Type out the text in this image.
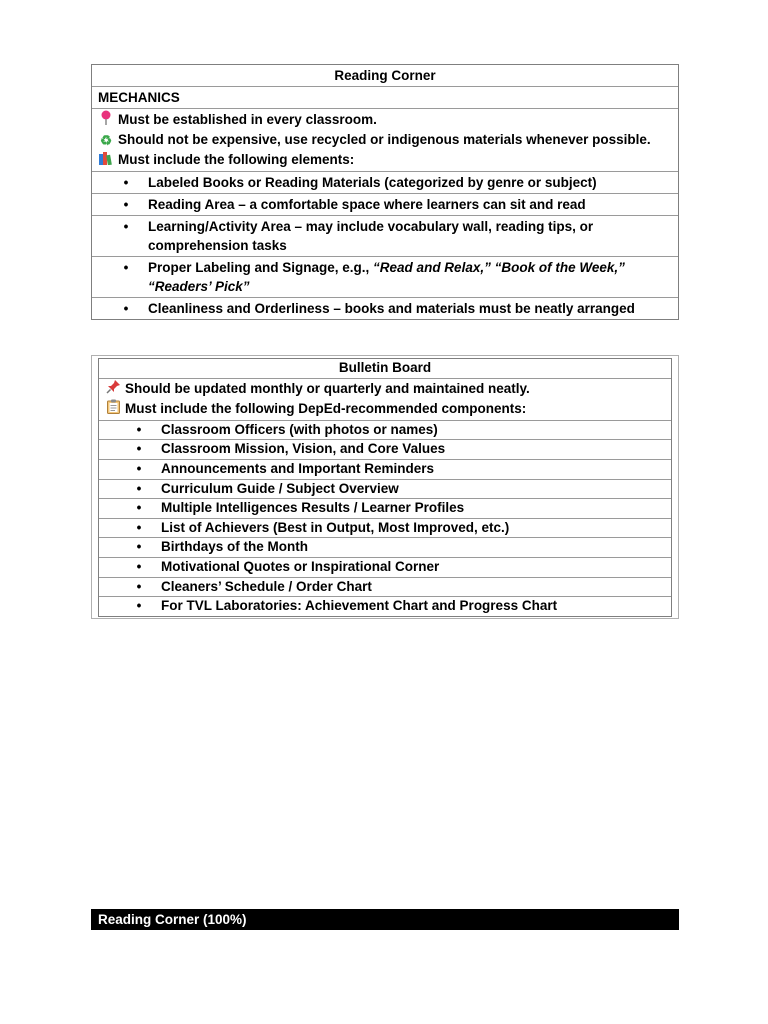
Reading Corner
MECHANICS
Must be established in every classroom.
♻ Should not be expensive, use recycled or indigenous materials whenever possible.
Must include the following elements:
•	Labeled Books or Reading Materials (categorized by genre or subject)
•	Reading Area – a comfortable space where learners can sit and read
•	Learning/Activity Area – may include vocabulary wall, reading tips, or comprehension tasks
•	Proper Labeling and Signage, e.g., “Read and Relax,” “Book of the Week,” “Readers’ Pick”
•	Cleanliness and Orderliness – books and materials must be neatly arranged
Bulletin Board
Should be updated monthly or quarterly and maintained neatly.
Must include the following DepEd-recommended components:
•	Classroom Officers (with photos or names)
•	Classroom Mission, Vision, and Core Values
•	Announcements and Important Reminders
•	Curriculum Guide / Subject Overview
•	Multiple Intelligences Results / Learner Profiles
•	List of Achievers (Best in Output, Most Improved, etc.)
•	Birthdays of the Month
•	Motivational Quotes or Inspirational Corner
•	Cleaners’ Schedule / Order Chart
•	For TVL Laboratories: Achievement Chart and Progress Chart
Reading Corner (100%)
